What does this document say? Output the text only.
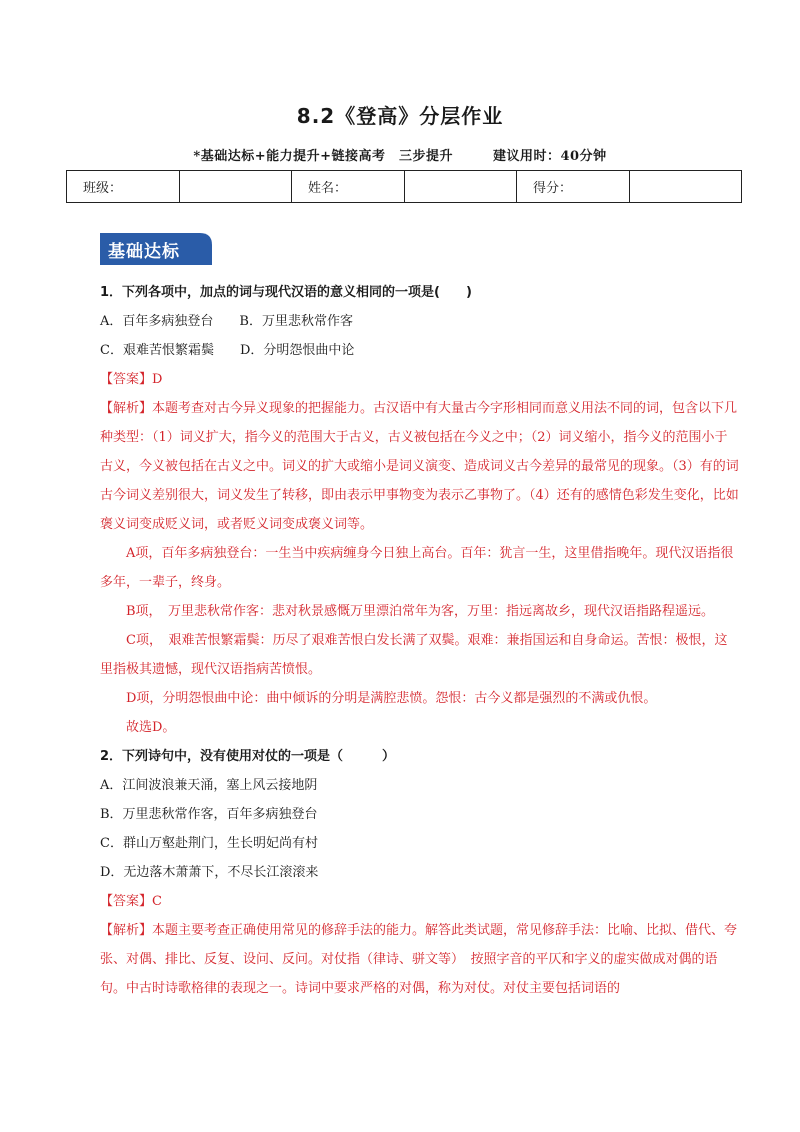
8.2《登高》分层作业
*基础达标+能力提升+链接高考　三步提升	建议用时：40分钟
班级：		姓名：		得分：	
基础达标

1．下列各项中，加点的词与现代汉语的意义相同的一项是(　　)

A．百年多病独登台　　B．万里悲秋常作客

C．艰难苦恨繁霜鬓　　D．分明怨恨曲中论

【答案】D

【解析】本题考查对古今异义现象的把握能力。古汉语中有大量古今字形相同而意义用法不同的词，包含以下几种类型：（1）词义扩大，指今义的范围大于古义，古义被包括在今义之中；（2）词义缩小，指今义的范围小于古义，今义被包括在古义之中。词义的扩大或缩小是词义演变、造成词义古今差异的最常见的现象。（3）有的词古今词义差别很大，词义发生了转移，即由表示甲事物变为表示乙事物了。（4）还有的感情色彩发生变化，比如褒义词变成贬义词，或者贬义词变成褒义词等。

A项，百年多病独登台：一生当中疾病缠身今日独上高台。百年：犹言一生，这里借指晚年。现代汉语指很多年，一辈子，终身。

B项，　万里悲秋常作客：悲对秋景感慨万里漂泊常年为客，万里：指远离故乡，现代汉语指路程遥远。

C项，　艰难苦恨繁霜鬓：历尽了艰难苦恨白发长满了双鬓。艰难：兼指国运和自身命运。苦恨：极恨，这里指极其遗憾，现代汉语指病苦愤恨。

D项，分明怨恨曲中论：曲中倾诉的分明是满腔悲愤。怨恨：古今义都是强烈的不满或仇恨。

故选D。

2．下列诗句中，没有使用对仗的一项是（　　　）

A．江间波浪兼天涌，塞上风云接地阴

B．万里悲秋常作客，百年多病独登台

C．群山万壑赴荆门，生长明妃尚有村

D．无边落木萧萧下，不尽长江滚滚来

【答案】C

【解析】本题主要考查正确使用常见的修辞手法的能力。解答此类试题，常见修辞手法：比喻、比拟、借代、夸张、对偶、排比、反复、设问、反问。对仗指（律诗、骈文等）　按照字音的平仄和字义的虚实做成对偶的语句。中古时诗歌格律的表现之一。诗词中要求严格的对偶，称为对仗。对仗主要包括词语的
